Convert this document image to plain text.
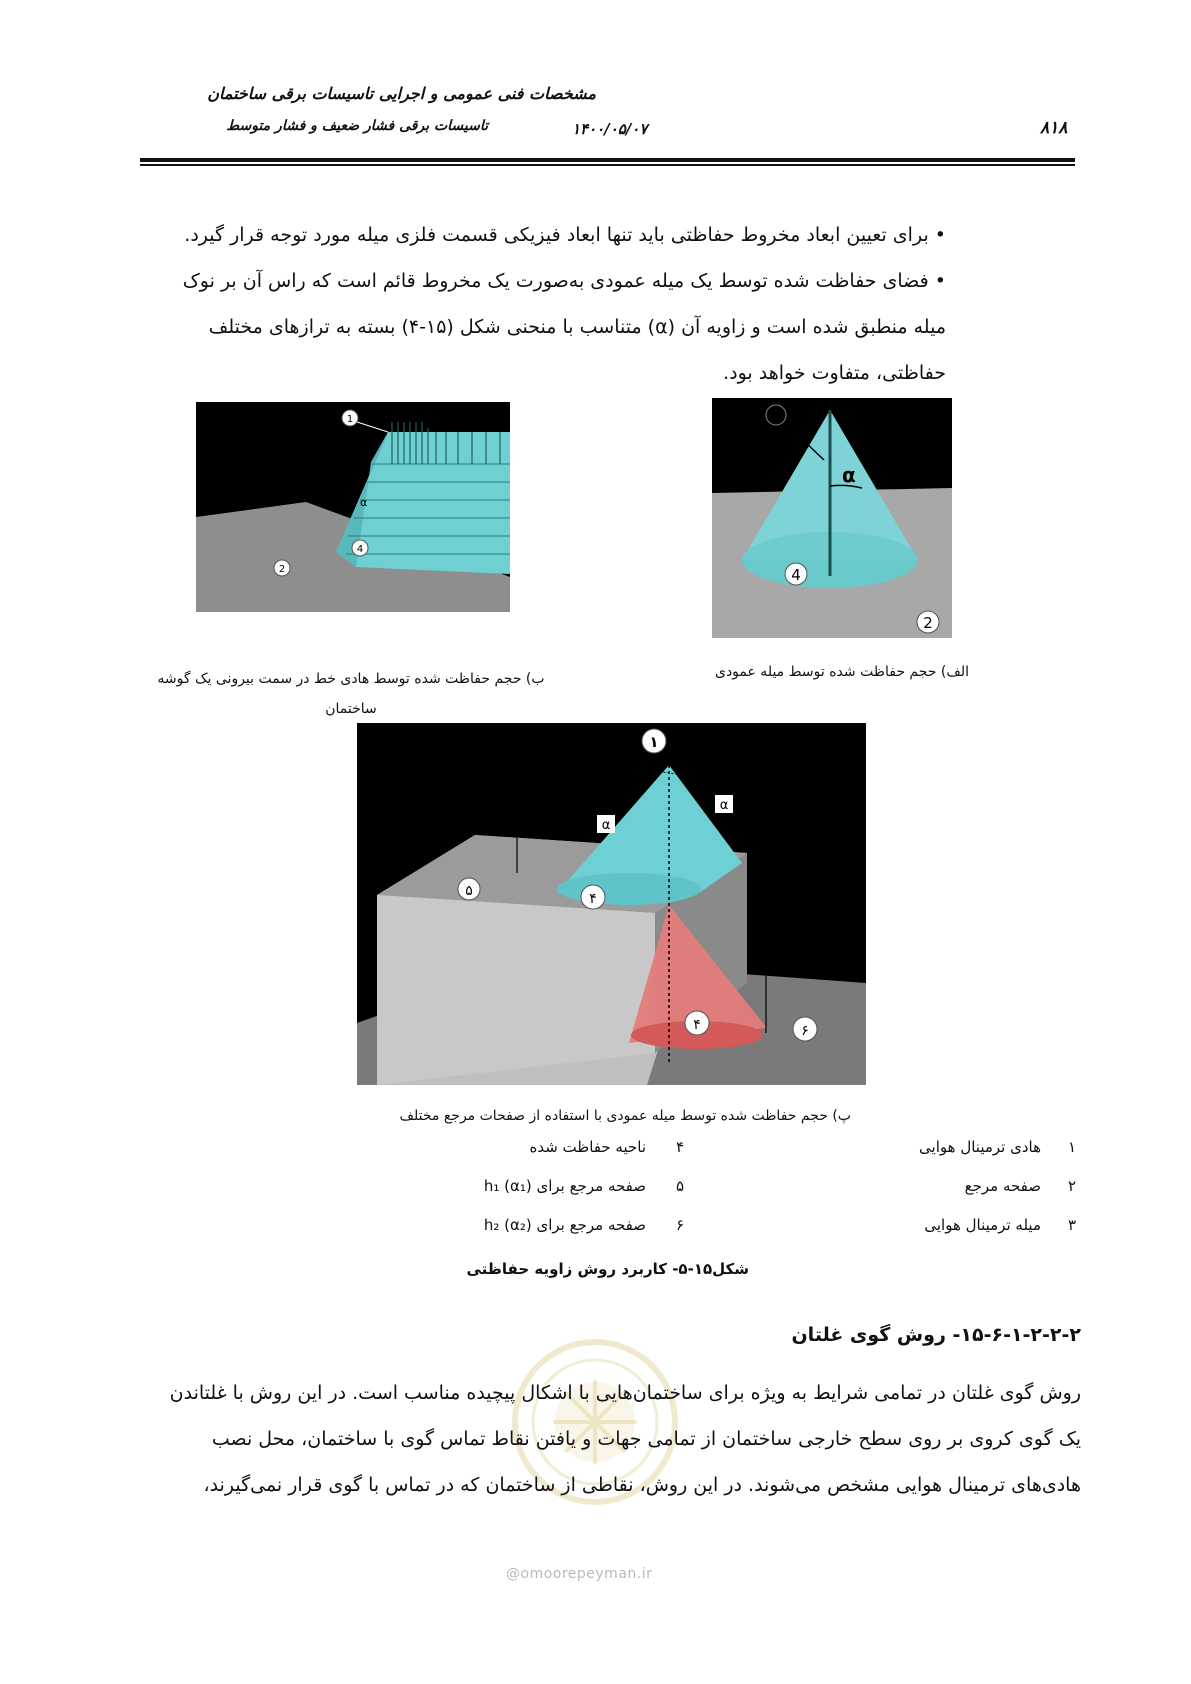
مشخصات فنی عمومی و اجرایی تاسیسات برقی ساختمان
تاسیسات برقی فشار ضعیف و فشار متوسط	۱۴۰۰/۰۵/۰۷	۸۱۸
• برای تعیین ابعاد مخروط حفاظتی باید تنها ابعاد فیزیکی قسمت فلزی میله مورد توجه قرار گیرد.
• فضای حفاظت شده توسط یک میله عمودی به‌صورت یک مخروط قائم است که راس آن بر نوک
میله منطبق شده است و زاویه آن (α) متناسب با منحنی شکل (۱۵-۴) بسته به ترازهای مختلف
حفاظتی، متفاوت خواهد بود.
α
4
2
الف) حجم حفاظت شده توسط میله عمودی
1
α
2
4
ب) حجم حفاظت شده توسط هادی خط در سمت بیرونی یک گوشه ساختمان
۱
α
α
۵	۴
۴	۶
پ) حجم حفاظت شده توسط میله عمودی با استفاده از صفحات مرجع مختلف
۱
هادی ترمینال هوایی
۲
صفحه مرجع
۳
میله ترمینال هوایی
۴
ناحیه حفاظت شده
۵
صفحه مرجع برای h₁ (α₁)
۶
صفحه مرجع برای h₂ (α₂)
شکل۱۵-۵- کاربرد روش زاویه حفاظتی
@omoorepeyman.ir
۱۵-۶-۱-۲-۲-۲- روش گوی غلتان
روش گوی غلتان در تمامی شرایط به ویژه برای ساختمان‌هایی با اشکال پیچیده مناسب است. در این روش با غلتاندن
یک گوی کروی بر روی سطح خارجی ساختمان از تمامی جهات و یافتن نقاط تماس گوی با ساختمان، محل نصب
هادی‌های ترمینال هوایی مشخص می‌شوند. در این روش، نقاطی از ساختمان که در تماس با گوی قرار نمی‌گیرند،
